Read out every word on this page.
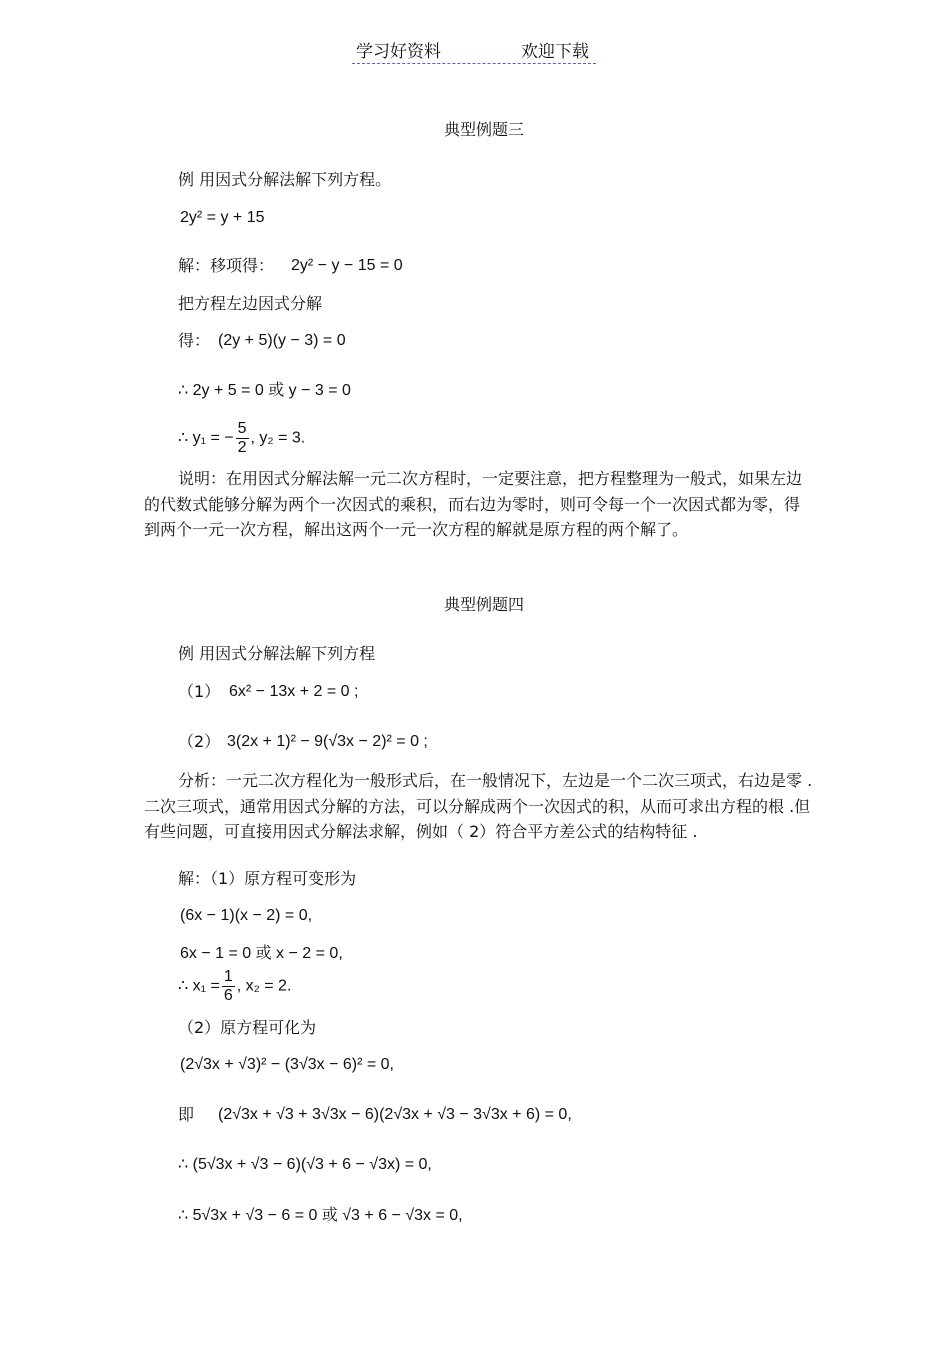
学习好资料	欢迎下载
典型例题三
例 用因式分解法解下列方程。
2y² = y + 15
解：移项得： 2y² − y − 15 = 0
把方程左边因式分解
得： (2y + 5)(y − 3) = 0
∴ 2y + 5 = 0 或 y − 3 = 0
∴ y₁ = − $\frac{5}{2}$ , y₂ = 3.
说明：在用因式分解法解一元二次方程时，一定要注意，把方程整理为一般式，如果左边的代数式能够分解为两个一次因式的乘积，而右边为零时，则可令每一个一次因式都为零，得到两个一元一次方程，解出这两个一元一次方程的解就是原方程的两个解了。
典型例题四
例 用因式分解法解下列方程
（1） 6x² − 13x + 2 = 0 ;
（2） 3(2x + 1)² − 9(√3x − 2)² = 0 ;
分析：一元二次方程化为一般形式后，在一般情况下，左边是一个二次三项式，右边是零 .二次三项式，通常用因式分解的方法，可以分解成两个一次因式的积，从而可求出方程的根 .但有些问题，可直接用因式分解法求解，例如（ 2）符合平方差公式的结构特征 .
解：（1）原方程可变形为
(6x − 1)(x − 2) = 0,
6x − 1 = 0 或 x − 2 = 0,
∴ $x_1 = \frac{1}{6}$ , x₂ = 2.
（2）原方程可化为
(2√3x + √3)² − (3√3x − 6)² = 0,
即 (2√3x + √3 + 3√3x − 6)(2√3x + √3 − 3√3x + 6) = 0,
∴ (5√3x + √3 − 6)(√3 + 6 − √3x) = 0,
∴ 5√3x + √3 − 6 = 0 或 √3 + 6 − √3x = 0,
